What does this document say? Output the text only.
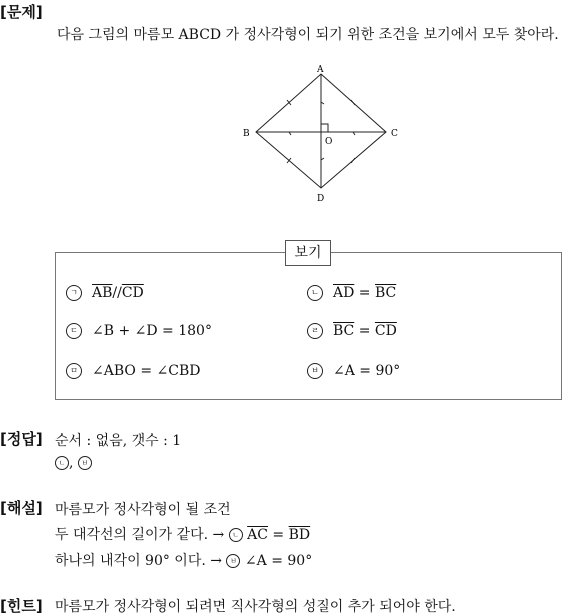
[문제]
다음 그림의 마름모 ABCD 가 정사각형이 되기 위한 조건을 보기에서 모두 찾아라.
A
B	C
D
O
보기
ㄱ $\overline{AB}//\overline{CD}$	ㄴ $\overline{AD} = \overline{BC}$
ㄷ ∠B + ∠D = 180°	ㄹ $\overline{BC} = \overline{CD}$
ㅁ ∠ABO = ∠CBD	ㅂ ∠A = 90°
[정답] 순서 : 없음, 갯수 : 1
ㄴ , ㅂ
[해설] 마름모가 정사각형이 될 조건
두 대각선의 길이가 같다. → ㄴ $\overline{AC} = \overline{BD}$
하나의 내각이 90° 이다. → ㅂ ∠A = 90°
[힌트] 마름모가 정사각형이 되려면 직사각형의 성질이 추가 되어야 한다.
